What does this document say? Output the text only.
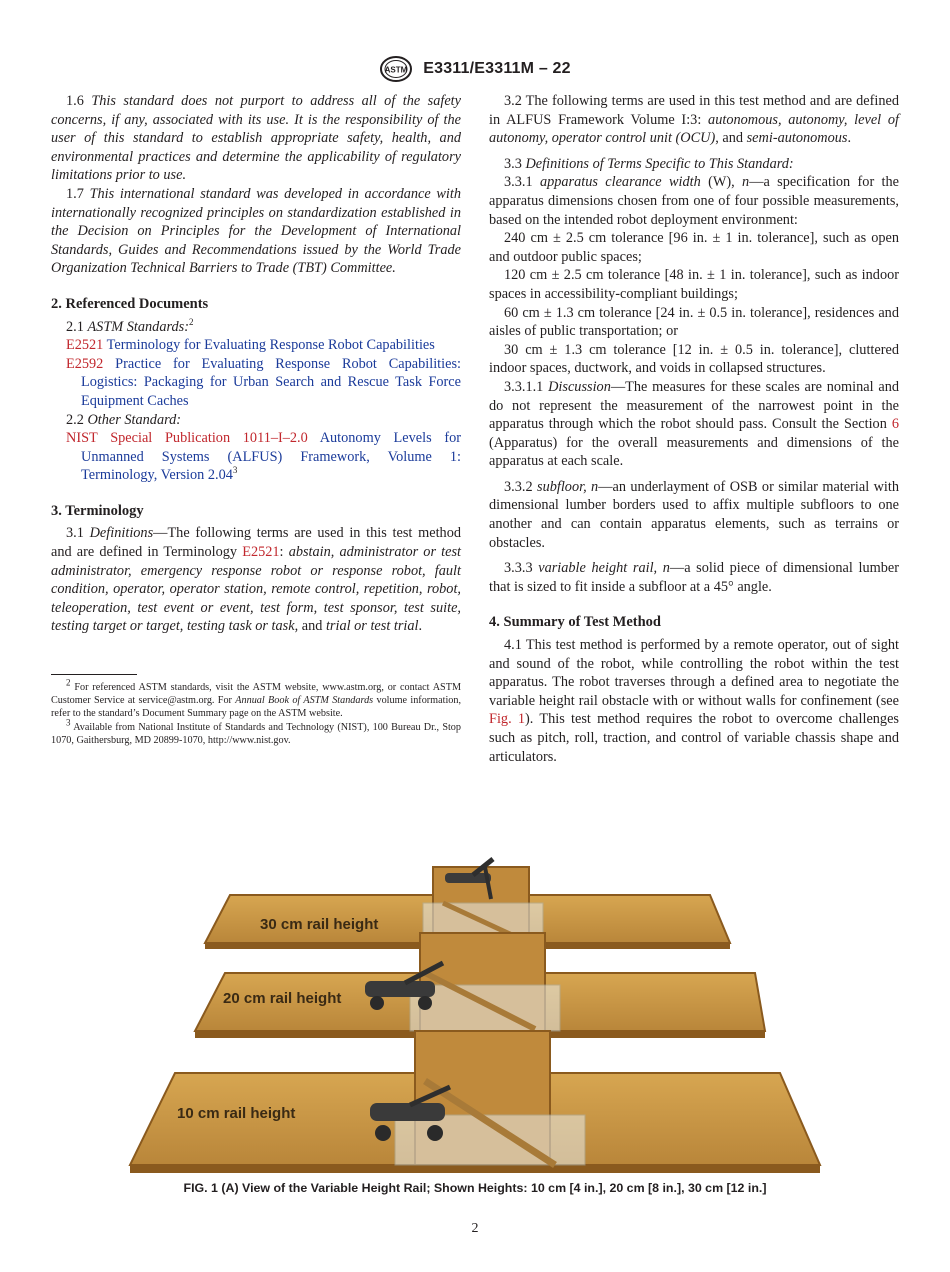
ASTM E3311/E3311M – 22

1.6 This standard does not purport to address all of the safety concerns, if any, associated with its use. It is the responsibility of the user of this standard to establish appropriate safety, health, and environmental practices and determine the applicability of regulatory limitations prior to use.

1.7 This international standard was developed in accordance with internationally recognized principles on standardization established in the Decision on Principles for the Development of International Standards, Guides and Recommendations issued by the World Trade Organization Technical Barriers to Trade (TBT) Committee.

2. Referenced Documents

2.1 ASTM Standards:$^2$

E2521 Terminology for Evaluating Response Robot Capabilities

E2592 Practice for Evaluating Response Robot Capabilities: Logistics: Packaging for Urban Search and Rescue Task Force Equipment Caches

2.2 Other Standard:

NIST Special Publication 1011–I–2.0 Autonomy Levels for Unmanned Systems (ALFUS) Framework, Volume 1: Terminology, Version 2.04$^3$

3. Terminology

3.1 Definitions—The following terms are used in this test method and are defined in Terminology E2521: abstain, administrator or test administrator, emergency response robot or response robot, fault condition, operator, operator station, remote control, repetition, robot, teleoperation, test event or event, test form, test sponsor, test suite, testing target or target, testing task or task, and trial or test trial.

$^2$ For referenced ASTM standards, visit the ASTM website, www.astm.org, or contact ASTM Customer Service at service@astm.org. For Annual Book of ASTM Standards volume information, refer to the standard’s Document Summary page on the ASTM website.

$^3$ Available from National Institute of Standards and Technology (NIST), 100 Bureau Dr., Stop 1070, Gaithersburg, MD 20899-1070, http://www.nist.gov.

3.2 The following terms are used in this test method and are defined in ALFUS Framework Volume I:3: autonomous, autonomy, level of autonomy, operator control unit (OCU), and semi-autonomous.

3.3 Definitions of Terms Specific to This Standard:

3.3.1 apparatus clearance width (W), n—a specification for the apparatus dimensions chosen from one of four possible measurements, based on the intended robot deployment environment:

240 cm ± 2.5 cm tolerance [96 in. ± 1 in. tolerance], such as open and outdoor public spaces;

120 cm ± 2.5 cm tolerance [48 in. ± 1 in. tolerance], such as indoor spaces in accessibility-compliant buildings;

60 cm ± 1.3 cm tolerance [24 in. ± 0.5 in. tolerance], residences and aisles of public transportation; or

30 cm ± 1.3 cm tolerance [12 in. ± 0.5 in. tolerance], cluttered indoor spaces, ductwork, and voids in collapsed structures.

3.3.1.1 Discussion—The measures for these scales are nominal and do not represent the measurement of the narrowest point in the apparatus through which the robot should pass. Consult the Section 6 (Apparatus) for the overall measurements and dimensions of the apparatus at each scale.

3.3.2 subfloor, n—an underlayment of OSB or similar material with dimensional lumber borders used to affix multiple subfloors to one another and can contain apparatus elements, such as terrains or obstacles.

3.3.3 variable height rail, n—a solid piece of dimensional lumber that is sized to fit inside a subfloor at a 45° angle.

4. Summary of Test Method

4.1 This test method is performed by a remote operator, out of sight and sound of the robot, while controlling the robot within the test apparatus. The robot traverses through a defined area to negotiate the variable height rail obstacle with or without walls for confinement (see Fig. 1). This test method requires the robot to overcome challenges such as pitch, roll, traction, and control of variable chassis shape and articulators.

30 cm rail height
20 cm rail height
10 cm rail height
FIG. 1 (A) View of the Variable Height Rail; Shown Heights: 10 cm [4 in.], 20 cm [8 in.], 30 cm [12 in.]
2
